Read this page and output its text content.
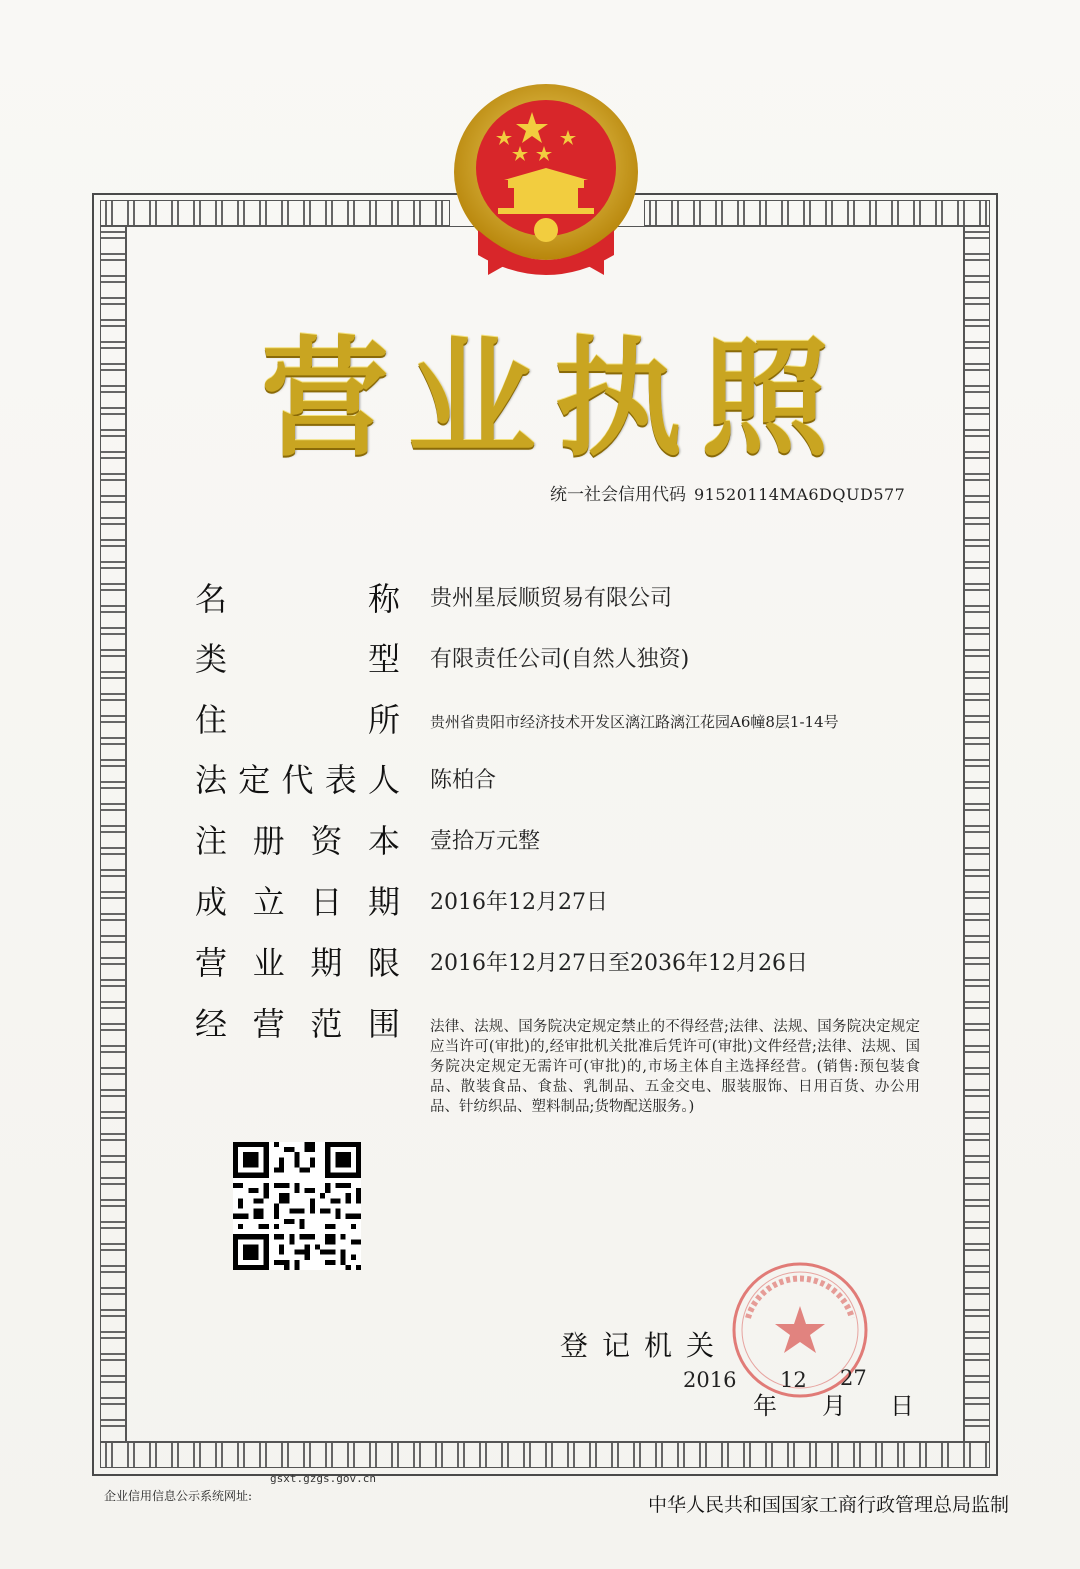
营 业 执 照
统一社会信用代码 91520114MA6DQUD577
名	称 贵州星辰顺贸易有限公司
类	型 有限责任公司(自然人独资)
住	所 贵州省贵阳市经济技术开发区漓江路漓江花园A6幢8层1-14号
法 定 代 表 人 陈柏合
注 册 资 本 壹拾万元整
成 立 日 期 2016年12月27日
营 业 期 限 2016年12月27日至2036年12月26日
经 营 范 围 法律、法规、国务院决定规定禁止的不得经营;法律、法规、国务院决定规定应当许可(审批)的,经审批机关批准后凭许可(审批)文件经营;法律、法规、国务院决定规定无需许可(审批)的,市场主体自主选择经营。(销售:预包装食品、散装食品、食盐、乳制品、五金交电、服装服饰、日用百货、办公用品、针纺织品、塑料制品;货物配送服务。)
登记机关
2016 12 27
年 月 日
gsxt.gzgs.gov.cn
企业信用信息公示系统网址:	中华人民共和国国家工商行政管理总局监制
